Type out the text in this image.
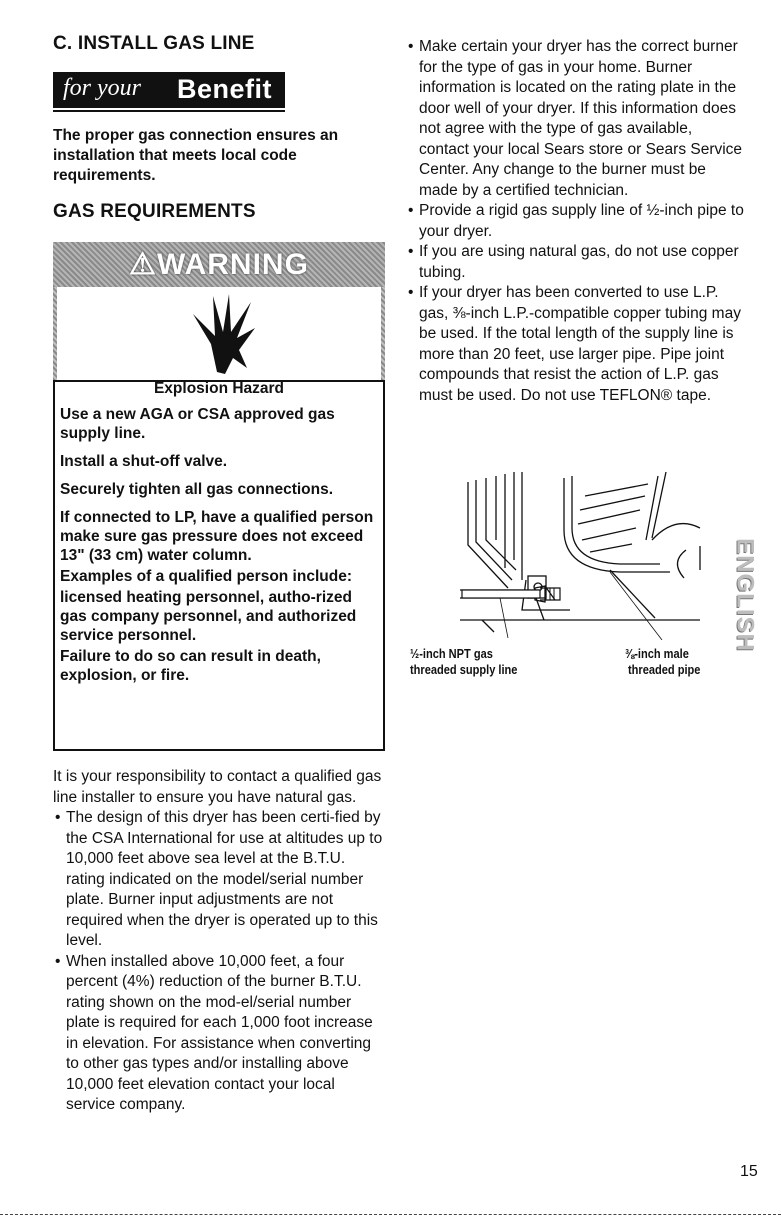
C. INSTALL GAS LINE
for your Benefit
The proper gas connection ensures an installation that meets local code requirements.
GAS REQUIREMENTS
⚠WARNING
Explosion Hazard

Use a new AGA or CSA approved gas supply line.

Install a shut-off valve.

Securely tighten all gas connections.

If connected to LP, have a qualified person make sure gas pressure does not exceed 13" (33 cm) water column.

Examples of a qualified person include:

licensed heating personnel, autho-rized gas company personnel, and authorized service personnel.

Failure to do so can result in death, explosion, or fire.

It is your responsibility to contact a qualified gas line installer to ensure you have natural gas.

• The design of this dryer has been certi-fied by the CSA International for use at altitudes up to 10,000 feet above sea level at the B.T.U. rating indicated on the model/serial number plate. Burner input adjustments are not required when the dryer is operated up to this level.

• When installed above 10,000 feet, a four percent (4%) reduction of the burner B.T.U. rating shown on the mod-el/serial number plate is required for each 1,000 foot increase in elevation. For assistance when converting to other gas types and/or installing above 10,000 feet elevation contact your local service company.

• Make certain your dryer has the correct burner for the type of gas in your home. Burner information is located on the rating plate in the door well of your dryer. If this information does not agree with the type of gas available, contact your local Sears store or Sears Service Center. Any change to the burner must be made by a certified technician.

• Provide a rigid gas supply line of ½-inch pipe to your dryer.

• If you are using natural gas, do not use copper tubing.

• If your dryer has been converted to use L.P. gas, ⅜-inch L.P.-compatible copper tubing may be used. If the total length of the supply line is more than 20 feet, use larger pipe. Pipe joint compounds that resist the action of L.P. gas must be used. Do not use TEFLON® tape.

½-inch NPT gas
threaded supply line
⅜-inch male
threaded pipe
ENGLISH
15
